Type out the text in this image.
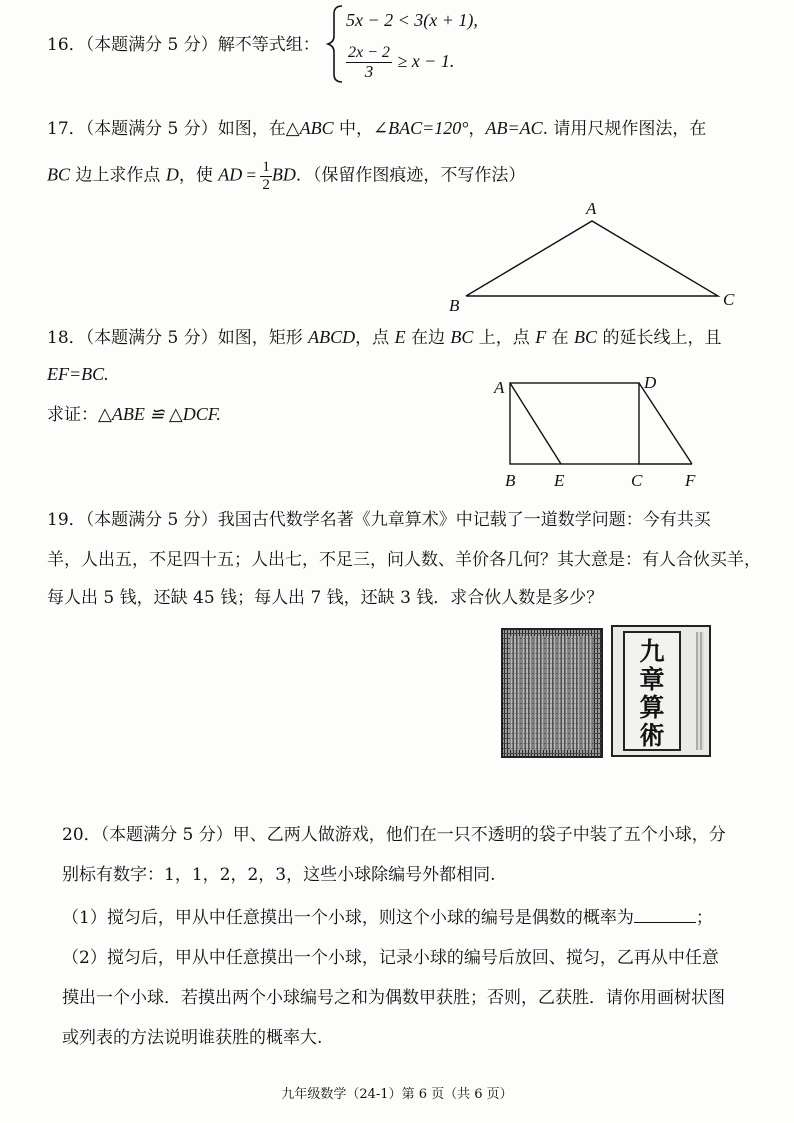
16．（本题满分 5 分）解不等式组：
5x − 2 < 3(x + 1),
$\frac{2x - 2}{3} \ge x - 1$.
17．（本题满分 5 分）如图，在△ABC 中，∠BAC=120°，AB=AC. 请用尺规作图法，在
BC 边上求作点 D，使 AD = $\frac{1}{2}$ BD．（保留作图痕迹，不写作法）
A
B	C
18．（本题满分 5 分）如图，矩形 ABCD，点 E 在边 BC 上，点 F 在 BC 的延长线上，且
EF=BC.
求证：△ABE ≌ △DCF.
A	D
B E	C	F
19．（本题满分 5 分）我国古代数学名著《九章算术》中记载了一道数学问题：今有共买
羊，人出五，不足四十五；人出七，不足三，问人数、羊价各几何？其大意是：有人合伙买羊，
每人出 5 钱，还缺 45 钱；每人出 7 钱，还缺 3 钱．求合伙人数是多少？
九
章
算
術
20．（本题满分 5 分）甲、乙两人做游戏，他们在一只不透明的袋子中装了五个小球，分
别标有数字：1，1，2，2，3，这些小球除编号外都相同.
（1）搅匀后，甲从中任意摸出一个小球，则这个小球的编号是偶数的概率为	；
（2）搅匀后，甲从中任意摸出一个小球，记录小球的编号后放回、搅匀，乙再从中任意
摸出一个小球．若摸出两个小球编号之和为偶数甲获胜；否则，乙获胜．请你用画树状图
或列表的方法说明谁获胜的概率大.
九年级数学（24-1）第 6 页（共 6 页）
